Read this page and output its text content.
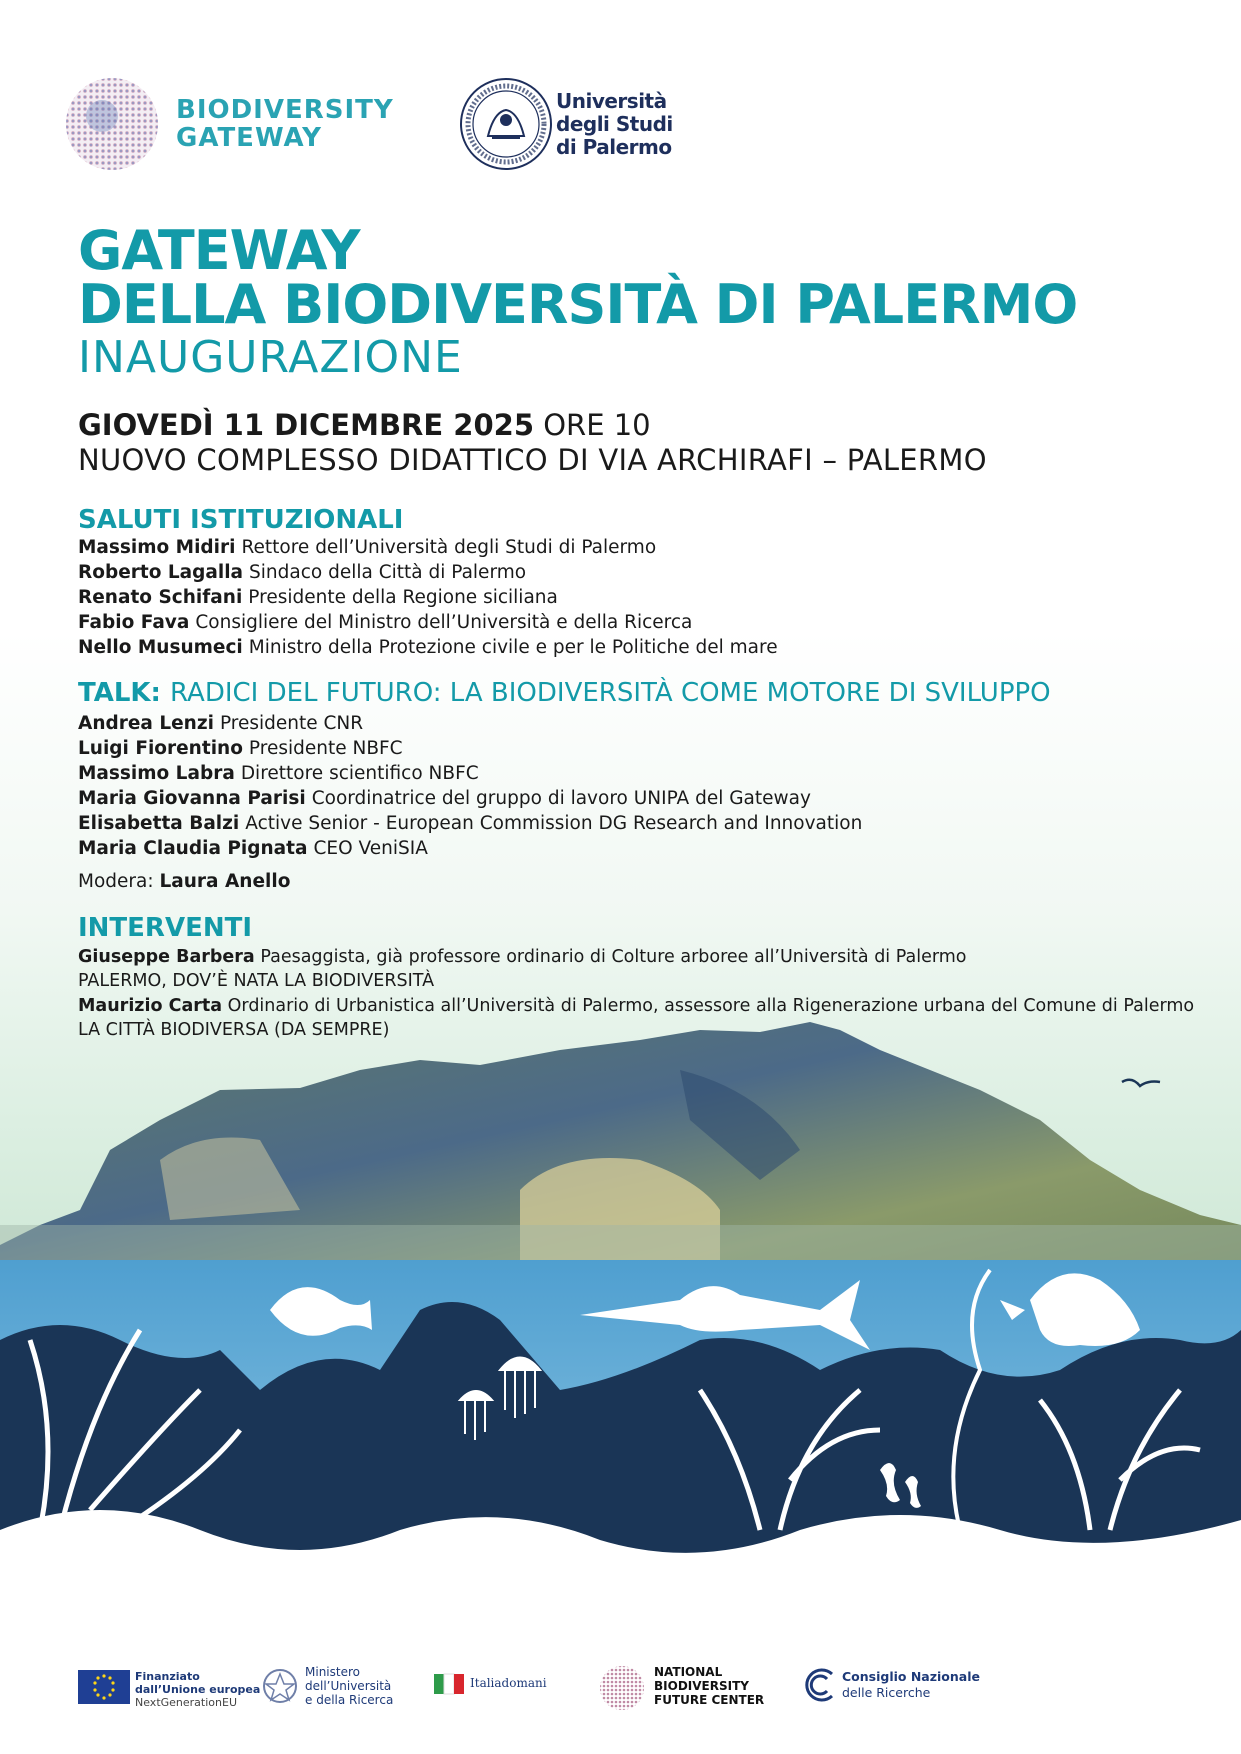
BIODIVERSITY
GATEWAY
Università
degli Studi
di Palermo
GATEWAY
DELLA BIODIVERSITÀ DI PALERMO
INAUGURAZIONE
GIOVEDÌ 11 DICEMBRE 2025 ORE 10
NUOVO COMPLESSO DIDATTICO DI VIA ARCHIRAFI – PALERMO
SALUTI ISTITUZIONALI
Massimo Midiri Rettore dell’Università degli Studi di Palermo
Roberto Lagalla Sindaco della Città di Palermo
Renato Schifani Presidente della Regione siciliana
Fabio Fava Consigliere del Ministro dell’Università e della Ricerca
Nello Musumeci Ministro della Protezione civile e per le Politiche del mare
TALK: RADICI DEL FUTURO: LA BIODIVERSITÀ COME MOTORE DI SVILUPPO
Andrea Lenzi Presidente CNR
Luigi Fiorentino Presidente NBFC
Massimo Labra Direttore scientifico NBFC
Maria Giovanna Parisi Coordinatrice del gruppo di lavoro UNIPA del Gateway
Elisabetta Balzi Active Senior - European Commission DG Research and Innovation
Maria Claudia Pignata CEO VeniSIA
Modera: Laura Anello
INTERVENTI
Giuseppe Barbera Paesaggista, già professore ordinario di Colture arboree all’Università di Palermo
PALERMO, DOV’È NATA LA BIODIVERSITÀ
Maurizio Carta Ordinario di Urbanistica all’Università di Palermo, assessore alla Rigenerazione urbana del Comune di Palermo
LA CITTÀ BIODIVERSA (DA SEMPRE)
Finanziato
dall’Unione europea
NextGenerationEU
Ministero
dell’Università
e della Ricerca
Italiadomani
NATIONAL
BIODIVERSITY
FUTURE CENTER
Consiglio Nazionale
delle Ricerche
